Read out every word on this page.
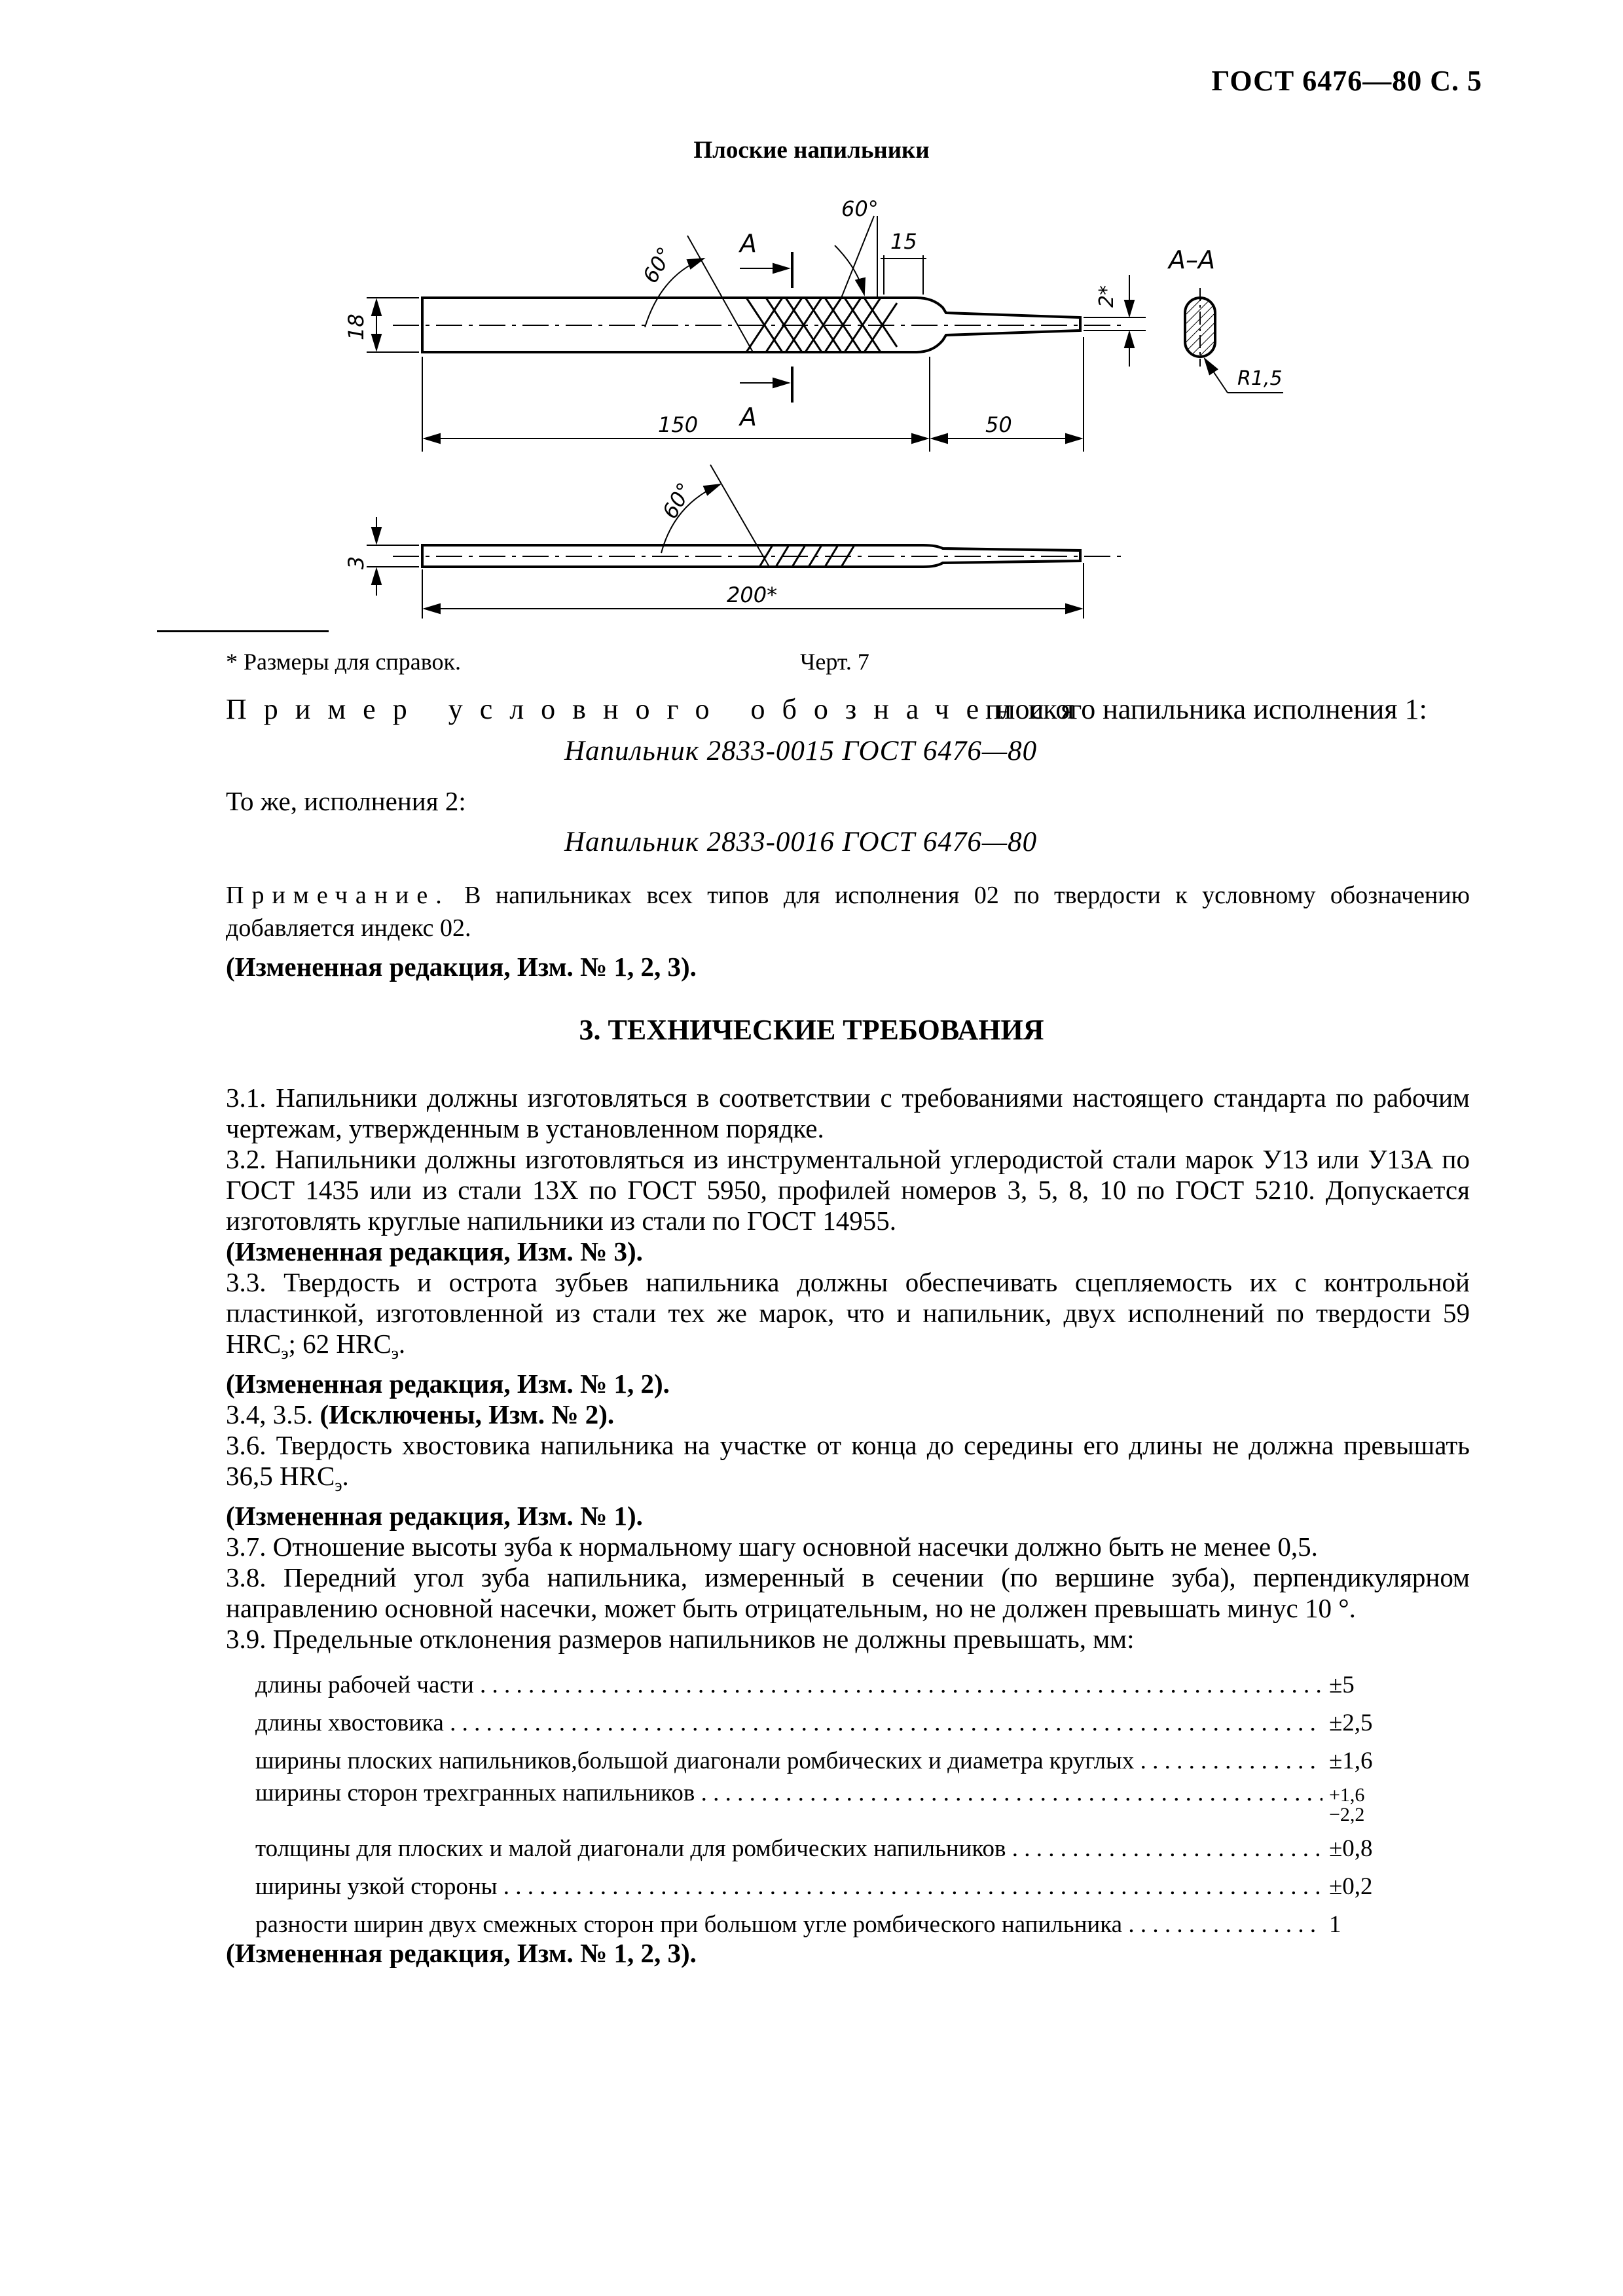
ГОСТ 6476—80 С. 5
Плоские напильники
А
А
А–А
60°
15
60°
60°
2*
18
150	50
3
200*
R1,5
* Размеры для справок.	Черт. 7
Пример условного обозначения
плоского напильника исполнения 1:
Напильник 2833-0015 ГОСТ 6476—80
То же, исполнения 2:
Напильник 2833-0016 ГОСТ 6476—80
Примечание. В напильниках всех типов для исполнения 02 по твердости к условному обозначению добавляется индекс 02.
(Измененная редакция, Изм. № 1, 2, 3).
3. ТЕХНИЧЕСКИЕ ТРЕБОВАНИЯ

3.1. Напильники должны изготовляться в соответствии с требованиями настоящего стандарта по рабочим чертежам, утвержденным в установленном порядке.

3.2. Напильники должны изготовляться из инструментальной углеродистой стали марок У13 или У13А по ГОСТ 1435 или из стали 13Х по ГОСТ 5950, профилей номеров 3, 5, 8, 10 по ГОСТ 5210. Допускается изготовлять круглые напильники из стали по ГОСТ 14955.

(Измененная редакция, Изм. № 3).

3.3. Твердость и острота зубьев напильника должны обеспечивать сцепляемость их с контрольной пластинкой, изготовленной из стали тех же марок, что и напильник, двух исполнений по твердости 59 $HRC_э$; 62 $HRC_э$.

(Измененная редакция, Изм. № 1, 2).

3.4, 3.5. (Исключены, Изм. № 2).

3.6. Твердость хвостовика напильника на участке от конца до середины его длины не должна превышать 36,5 $HRC_э$.

(Измененная редакция, Изм. № 1).

3.7. Отношение высоты зуба к нормальному шагу основной насечки должно быть не менее 0,5.

3.8. Передний угол зуба напильника, измеренный в сечении (по вершине зуба), перпендикулярном направлению основной насечки, может быть отрицательным, но не должен превышать минус 10 °.

3.9. Предельные отклонения размеров напильников не должны превышать, мм:

длины рабочей части . . .	±5
длины хвостовика . . .	±2,5
ширины плоских напильников,большой диагонали ромбических и диаметра круглых . . .	±1,6
ширины сторон трехгранных напильников . . .	+1,6
−2,2
толщины для плоских и малой диагонали для ромбических напильников . . .	±0,8
ширины узкой стороны . . .	±0,2
разности ширин двух смежных сторон при большом угле ромбического напильника . . .	1
(Измененная редакция, Изм. № 1, 2, 3).
